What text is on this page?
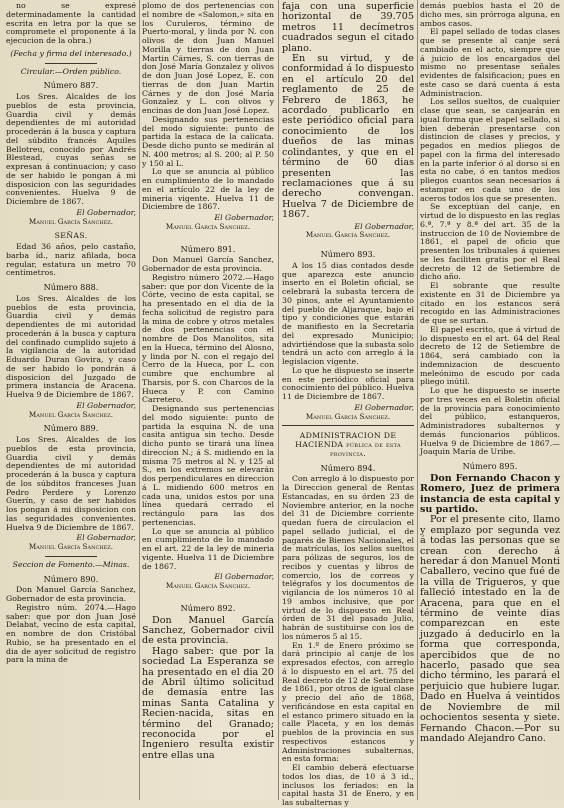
no se expresé determinadamente la cantidad escrita en letra por la que se compromete el proponente á la ejecucion de la obra.)

(Fecha y firma del interesado.)

Circular.—Orden público.

Número 887.

Los Sres. Alcaldes de los pueblos de esta provincia, Guardia civil y demás dependientes de mi autoridad procederán á la busca y captura del súbdito francés Aquiles Bellotreu, conocido por Andrés Blestead, cuyas señas se expresan á continuacion; y caso de ser habido le pongan á mi disposicion con las seguridades convenientes. Huelva 9 de Diciembre de 1867.

El Gobernador,

Manuel García Sanchez.

SEÑAS.

Edad 36 años, pelo castaño, barba íd., nariz afilada, boca regular, estatura un metro 70 centímetros.

Número 888.

Los Sres. Alcaldes de los pueblos de esta provincia, Guardia civil y demás dependientes de mi autoridad procederán á la busca y captura del confinado cumplido sujeto á la vigilancia de la autoridad Eduardo Duran Govira, y caso de ser habido lo pondrán á disposicion del Juzgado de primera instancia de Aracena. Huelva 9 de Diciembre de 1867.

El Gobernador,

Manuel García Sanchez.

Número 889.

Los Sres. Alcaldes de los pueblos de esta provincia, Guardia civil y demás dependientes de mi autoridad procederán á la busca y captura de los súbditos franceses Juan Pedro Perdere y Lorenzo Guerín, y caso de ser habidos los pongan á mi disposicion con las seguridades convenientes. Huelva 9 de Diciembre de 1867.

El Gobernador,

Manuel García Sanchez.

Seccion de Fomento.—Minas.

Número 890.

Don Manuel García Sanchez, Gobernador de esta provincia.

Registro núm. 2074.—Hago saber: que por don Juan José Delabat, vecino de esta capital, en nombre de don Cristóbal Rubio, se ha presentado en el dia de ayer solicitud de registro para la mina de

plomo de dos pertenencias con el nombre de «Salomon,» sita en los Curuleros, término de Puerto-moral, y linda por N. con olivos de don Juan Manuel Morilla y tierras de don Juan Martin Cárnes, S. con tierras de don José María Gonzalez y olivos de don Juan José Lopez, E. con tierras de don Juan Martin Cárnes y de don José María Gonzalez y L. con olivos y encinas de don Juan José Lopez.

Designando sus pertenencias del modo siguiente: punto de partida la estaca de la calicata. Desde dicho punto se medirán al N. 400 metros; al S. 200; al P. 50 y 150 al L.

Lo que se anuncia al público en cumplimiento de lo mandado en el artículo 22 de la ley de mineria vigente. Huelva 11 de Diciembre de 1867.

El Gobernador,

Manuel García Sanchez.

Número 891.

Don Manuel García Sanchez, Gobernador de esta provincia.

Registro número 2072.—Hago saber: que por don Vicente de la Córte, vecino de esta capital, se ha presentado en el dia de la fecha solicitud de registro para la mina de cobre y otros metales de dos pertenencias con el nombre de Dos Manolitos, sita en la Hueca, término del Alosno, y linda por N. con el regajo del Cerro de la Hueca, por L. con cumbre que enchumbre al Tharsis, por S. con Charcos de la Hueca y P. con Camino Carretero.

Designando sus pertenencias del modo siguiente: punto de partida la esquina N. de una casita antigua sin techo. Desde dicho punto se tirará una línea direccion N.; á S. midiendo en la misma 75 metros al N. y 125 al S., en los extremos se elevarán dos perpendiculares en direccion á L. midiendo 600 metros en cada una, unidos estos por una línea quedará cerrado el rectángulo para las dos pertenencias.

Lo que se anuncia al público en cumplimiento de lo mandado en el art. 22 de la ley de mineria vigente. Huelva 11 de Diciembre de 1867.

El Gobernador,

Manuel García Sanchez.

Número 892.

Don Manuel García Sanchez, Gobernador civil de esta provincia.

Hago saber: que por la sociedad La Esperanza se ha presentado en el dia 20 de Abril último solicitud de demasía entre las minas Santa Catalina y Recien-nacida, sitas en término del Granado; reconocida por el Ingeniero resulta existir entre ellas una

faja con una superficie horizontal de 39.705 metros 11 decímetros cuadrados segun el citado plano.

En su virtud, y de conformidad á lo dispuesto en el artículo 20 del reglamento de 25 de Febrero de 1863, he acordado publicarlo en este periódico oficial para conocimiento de los dueños de las minas colindantes, y que en el término de 60 dias presenten las reclamaciones que á su derecho convengan. Huelva 7 de Diciembre de 1867.

El Gobernador,

Manuel García Sanchez.

Número 893.

A los 15 dias contados desde que aparezca este anuncio inserto en el Boletin oficial, se celebrará la subasta tercera de 30 pinos, ante el Ayuntamiento del pueblo de Aljaraque, bajo el tipo y condiciones que estarán de manifiesto en la Secretaría del expresado Municipio; advirtiéndose que la subasta solo tendrá un acto con arreglo á la legislacion vigente.

Lo que he dispuesto se inserte en este periódico oficial para conocimiento del público. Huelva 11 de Diciembre de 1867.

El Gobernador,

Manuel García Sanchez.

ADMINISTRACION DE HACIENDA pública de esta provincia.

Número 894.

Con arreglo á lo dispuesto por la Direccion general de Rentas Estancadas, en su órden 23 de Noviembre anterior, en la noche del 31 de Diciembre corriente quedan fuera de circulacion el papel sellado judicial, el de pagarés de Bienes Nacionales, el de matrículas, los sellos sueltos para pólizas de seguros, los de recibos y cuentas y libros de comercio, los de correos y telégrafos y los documentos de vigilancia de los números 10 al 19 ambos inclusive, que por virtud de lo dispuesto en Real órden de 31 del pasado Julio, habrán de sustituirse con los de los números 5 al 15.

En 1.º de Enero próximo se dará principio al canje de los expresados efectos, con arreglo á lo dispuesto en el art. 75 del Real decreto de 12 de Setiembre de 1861, por otros de igual clase y precio del año de 1868, verificándose en esta capital en el estanco primero situado en la calle Placeta, y en los demás pueblos de la provincia en sus respectivos estancos y Administraciones subalternas, en esta forma:

El cambio deberá efectuarse todos los dias, de 10 á 3 id., inclusos los feriados: en la capital hasta 31 de Enero, y en las subalternas y

demás pueblos hasta el 20 de dicho mes, sin prórroga alguna, en ambos casos.

El papel sellado de todas clases que se presente al canje será cambiado en el acto, siempre que á juicio de los encargados del mismo no presentase señales evidentes de falsificacion; pues en este caso se dará cuenta á esta Administracion.

Los sellos sueltos, de cualquier clase que sean, se canjearán en igual forma que el papel sellado, si bien deberán presentarse con distincion de clases y precios, y pegados en medios pliegos de papel con la firma del interesado en la parte inferior ó al dorso si en esta no cabe, ó en tantos medios pliegos cuantos sean necesarios á estampar en cada uno de los aceros todos los que se presenten.

Se exceptúan del canje, en virtud de lo dispuesto en las reglas 6.ª, 7.ª y 8.ª del art. 35 de la instruccion de 10 de Noviembre de 1861, el papel de oficio que presenten los tribunales á quienes se les faciliten gratis por el Real decreto de 12 de Setiembre de dicho año.

El sobrante que resulte existente en 31 de Diciembre ya citado en los estancos será recogido en las Administraciones de que se surtan.

El papel escrito, que á virtud de lo dispuesto en el art. 64 del Real decreto de 12 de Setiembre de 1864, será cambiado con la indemnizacion de descuento meleónimo de escudo por cada pliego inútil.

Lo que he dispuesto se inserte por tres veces en el Boletin oficial de la provincia para conocimiento del público, estanqueros, Administradores subalternos y demás funcionarios públicos. Huelva 9 de Diciembre de 1867.—Joaquin María de Uribe.

Número 895.

Don Fernando Chacon y Romero, Juez de primera instancia de esta capital y su partido.

Por el presente cito, llamo y emplazo por segunda vez á todas las personas que se crean con derecho á heredar á don Manuel Monti Caballero, vecino que fué de la villa de Trigueros, y que falleció intestado en la de Aracena, para que en el término de veinte dias comparezcan en este juzgado á deducirlo en la forma que corresponda, apercibidos que de no hacerlo, pasado que sea dicho término, les parará el perjuicio que hubiere lugar. Dado en Huelva á veintidos de Noviembre de mil ochocientos sesenta y siete. Fernando Chacon.—Por su mandado Alejandro Cano.
